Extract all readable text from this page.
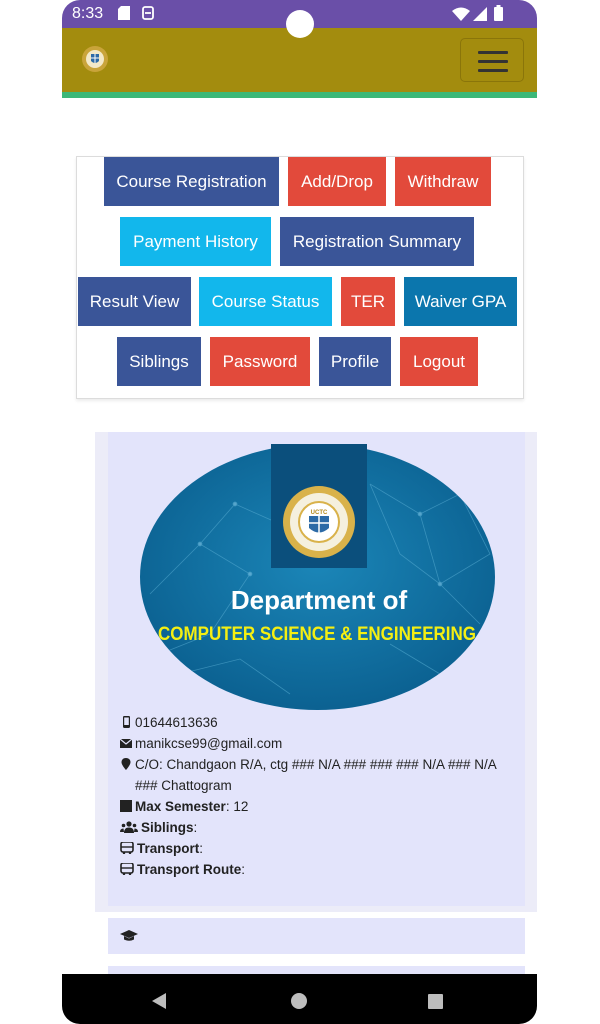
8:33
Course Registration	Add/Drop	Withdraw
Payment History	Registration Summary
Result View	Course Status	TER	Waiver GPA
Siblings	Password	Profile	Logout
UCTC
Department of
COMPUTER SCIENCE & ENGINEERING
01644613636
manikcse99@gmail.com
C/O: Chandgaon R/A, ctg ### N/A ### ### ### N/A ### N/A ### Chattogram
Max Semester : 12
Siblings :
Transport :
Transport Route :
